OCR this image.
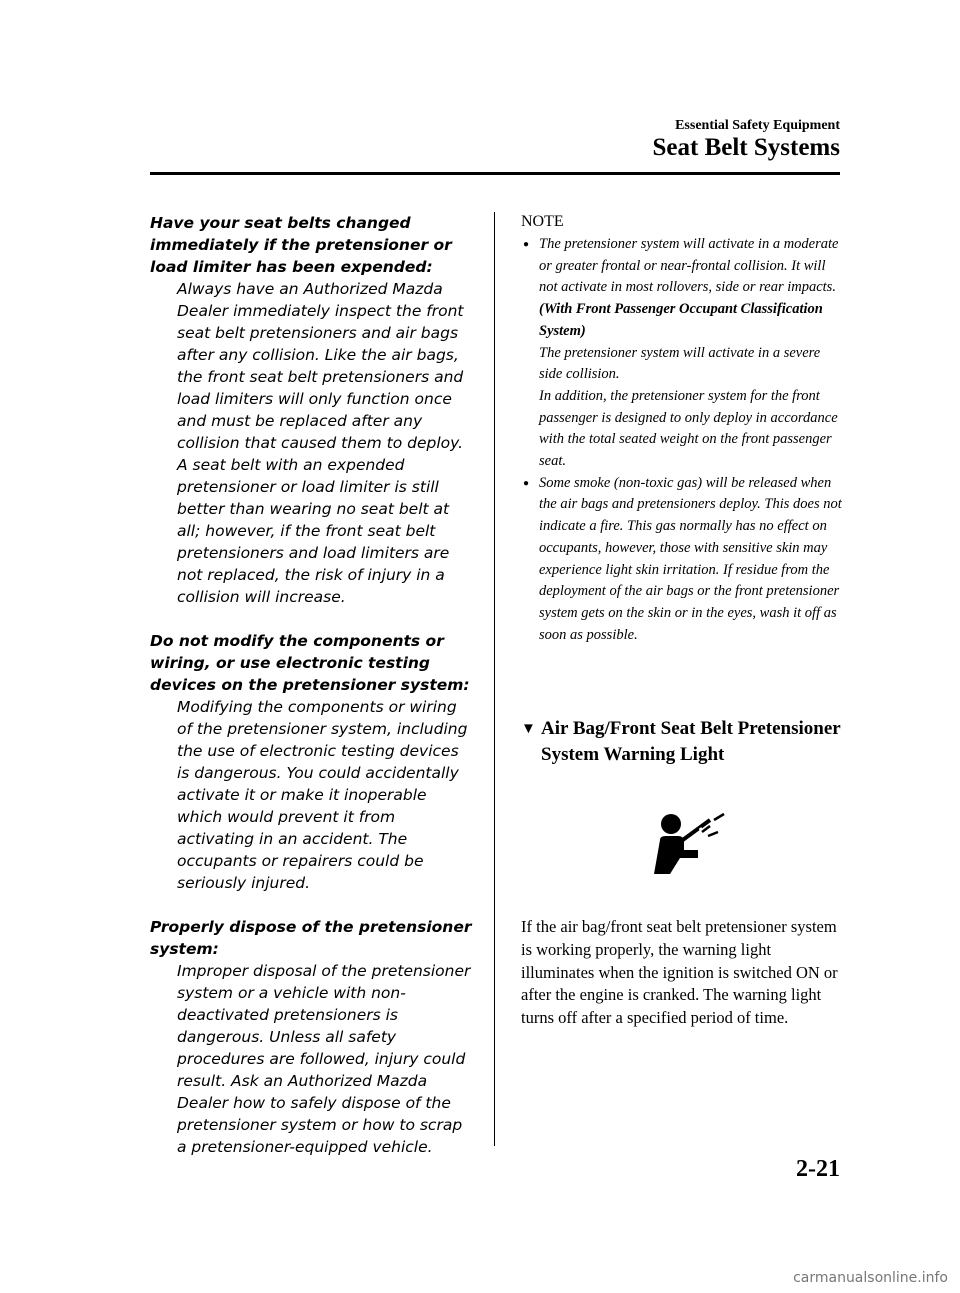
Essential Safety Equipment
Seat Belt Systems
Have your seat belts changed immediately if the pretensioner or load limiter has been expended:
Always have an Authorized Mazda Dealer immediately inspect the front seat belt pretensioners and air bags after any collision. Like the air bags, the front seat belt pretensioners and load limiters will only function once and must be replaced after any collision that caused them to deploy. A seat belt with an expended pretensioner or load limiter is still better than wearing no seat belt at all; however, if the front seat belt pretensioners and load limiters are not replaced, the risk of injury in a collision will increase.
Do not modify the components or wiring, or use electronic testing devices on the pretensioner system:
Modifying the components or wiring of the pretensioner system, including the use of electronic testing devices is dangerous. You could accidentally activate it or make it inoperable which would prevent it from activating in an accident. The occupants or repairers could be seriously injured.
Properly dispose of the pretensioner system:
Improper disposal of the pretensioner system or a vehicle with non-deactivated pretensioners is dangerous. Unless all safety procedures are followed, injury could result. Ask an Authorized Mazda Dealer how to safely dispose of the pretensioner system or how to scrap a pretensioner-equipped vehicle.
NOTE
● The pretensioner system will activate in a moderate or greater frontal or near-frontal collision. It will not activate in most rollovers, side or rear impacts.

(With Front Passenger Occupant Classification System)

The pretensioner system will activate in a severe side collision.

In addition, the pretensioner system for the front passenger is designed to only deploy in accordance with the total seated weight on the front passenger seat.

● Some smoke (non-toxic gas) will be released when the air bags and pretensioners deploy. This does not indicate a fire. This gas normally has no effect on occupants, however, those with sensitive skin may experience light skin irritation. If residue from the deployment of the air bags or the front pretensioner system gets on the skin or in the eyes, wash it off as soon as possible.

▼ Air Bag/Front Seat Belt Pretensioner System Warning Light
If the air bag/front seat belt pretensioner system is working properly, the warning light illuminates when the ignition is switched ON or after the engine is cranked. The warning light turns off after a specified period of time.
2-21
carmanualsonline.info
